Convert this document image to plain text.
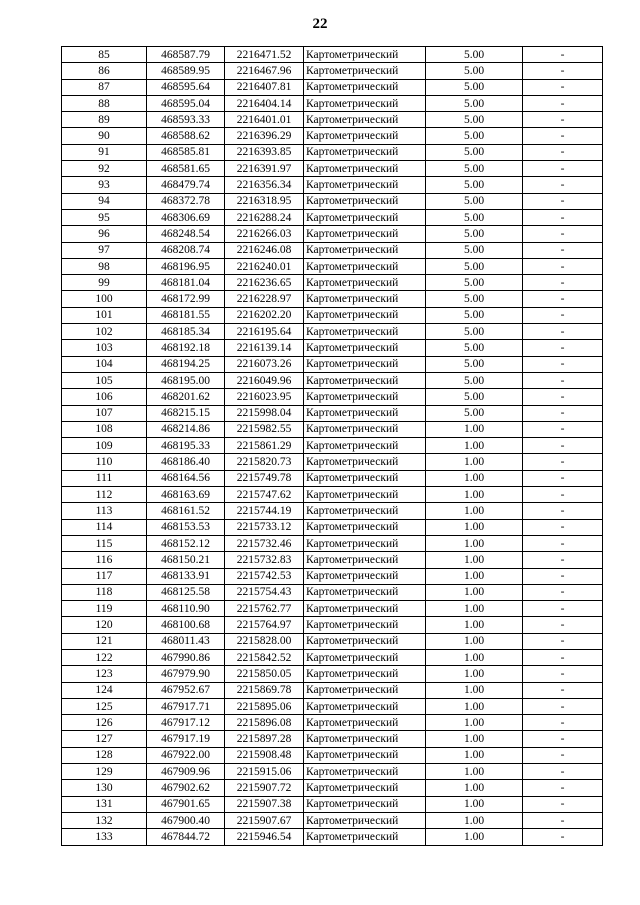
22
85	468587.79	2216471.52	Картометрический	5.00	-
86	468589.95	2216467.96	Картометрический	5.00	-
87	468595.64	2216407.81	Картометрический	5.00	-
88	468595.04	2216404.14	Картометрический	5.00	-
89	468593.33	2216401.01	Картометрический	5.00	-
90	468588.62	2216396.29	Картометрический	5.00	-
91	468585.81	2216393.85	Картометрический	5.00	-
92	468581.65	2216391.97	Картометрический	5.00	-
93	468479.74	2216356.34	Картометрический	5.00	-
94	468372.78	2216318.95	Картометрический	5.00	-
95	468306.69	2216288.24	Картометрический	5.00	-
96	468248.54	2216266.03	Картометрический	5.00	-
97	468208.74	2216246.08	Картометрический	5.00	-
98	468196.95	2216240.01	Картометрический	5.00	-
99	468181.04	2216236.65	Картометрический	5.00	-
100	468172.99	2216228.97	Картометрический	5.00	-
101	468181.55	2216202.20	Картометрический	5.00	-
102	468185.34	2216195.64	Картометрический	5.00	-
103	468192.18	2216139.14	Картометрический	5.00	-
104	468194.25	2216073.26	Картометрический	5.00	-
105	468195.00	2216049.96	Картометрический	5.00	-
106	468201.62	2216023.95	Картометрический	5.00	-
107	468215.15	2215998.04	Картометрический	5.00	-
108	468214.86	2215982.55	Картометрический	1.00	-
109	468195.33	2215861.29	Картометрический	1.00	-
110	468186.40	2215820.73	Картометрический	1.00	-
111	468164.56	2215749.78	Картометрический	1.00	-
112	468163.69	2215747.62	Картометрический	1.00	-
113	468161.52	2215744.19	Картометрический	1.00	-
114	468153.53	2215733.12	Картометрический	1.00	-
115	468152.12	2215732.46	Картометрический	1.00	-
116	468150.21	2215732.83	Картометрический	1.00	-
117	468133.91	2215742.53	Картометрический	1.00	-
118	468125.58	2215754.43	Картометрический	1.00	-
119	468110.90	2215762.77	Картометрический	1.00	-
120	468100.68	2215764.97	Картометрический	1.00	-
121	468011.43	2215828.00	Картометрический	1.00	-
122	467990.86	2215842.52	Картометрический	1.00	-
123	467979.90	2215850.05	Картометрический	1.00	-
124	467952.67	2215869.78	Картометрический	1.00	-
125	467917.71	2215895.06	Картометрический	1.00	-
126	467917.12	2215896.08	Картометрический	1.00	-
127	467917.19	2215897.28	Картометрический	1.00	-
128	467922.00	2215908.48	Картометрический	1.00	-
129	467909.96	2215915.06	Картометрический	1.00	-
130	467902.62	2215907.72	Картометрический	1.00	-
131	467901.65	2215907.38	Картометрический	1.00	-
132	467900.40	2215907.67	Картометрический	1.00	-
133	467844.72	2215946.54	Картометрический	1.00	-
